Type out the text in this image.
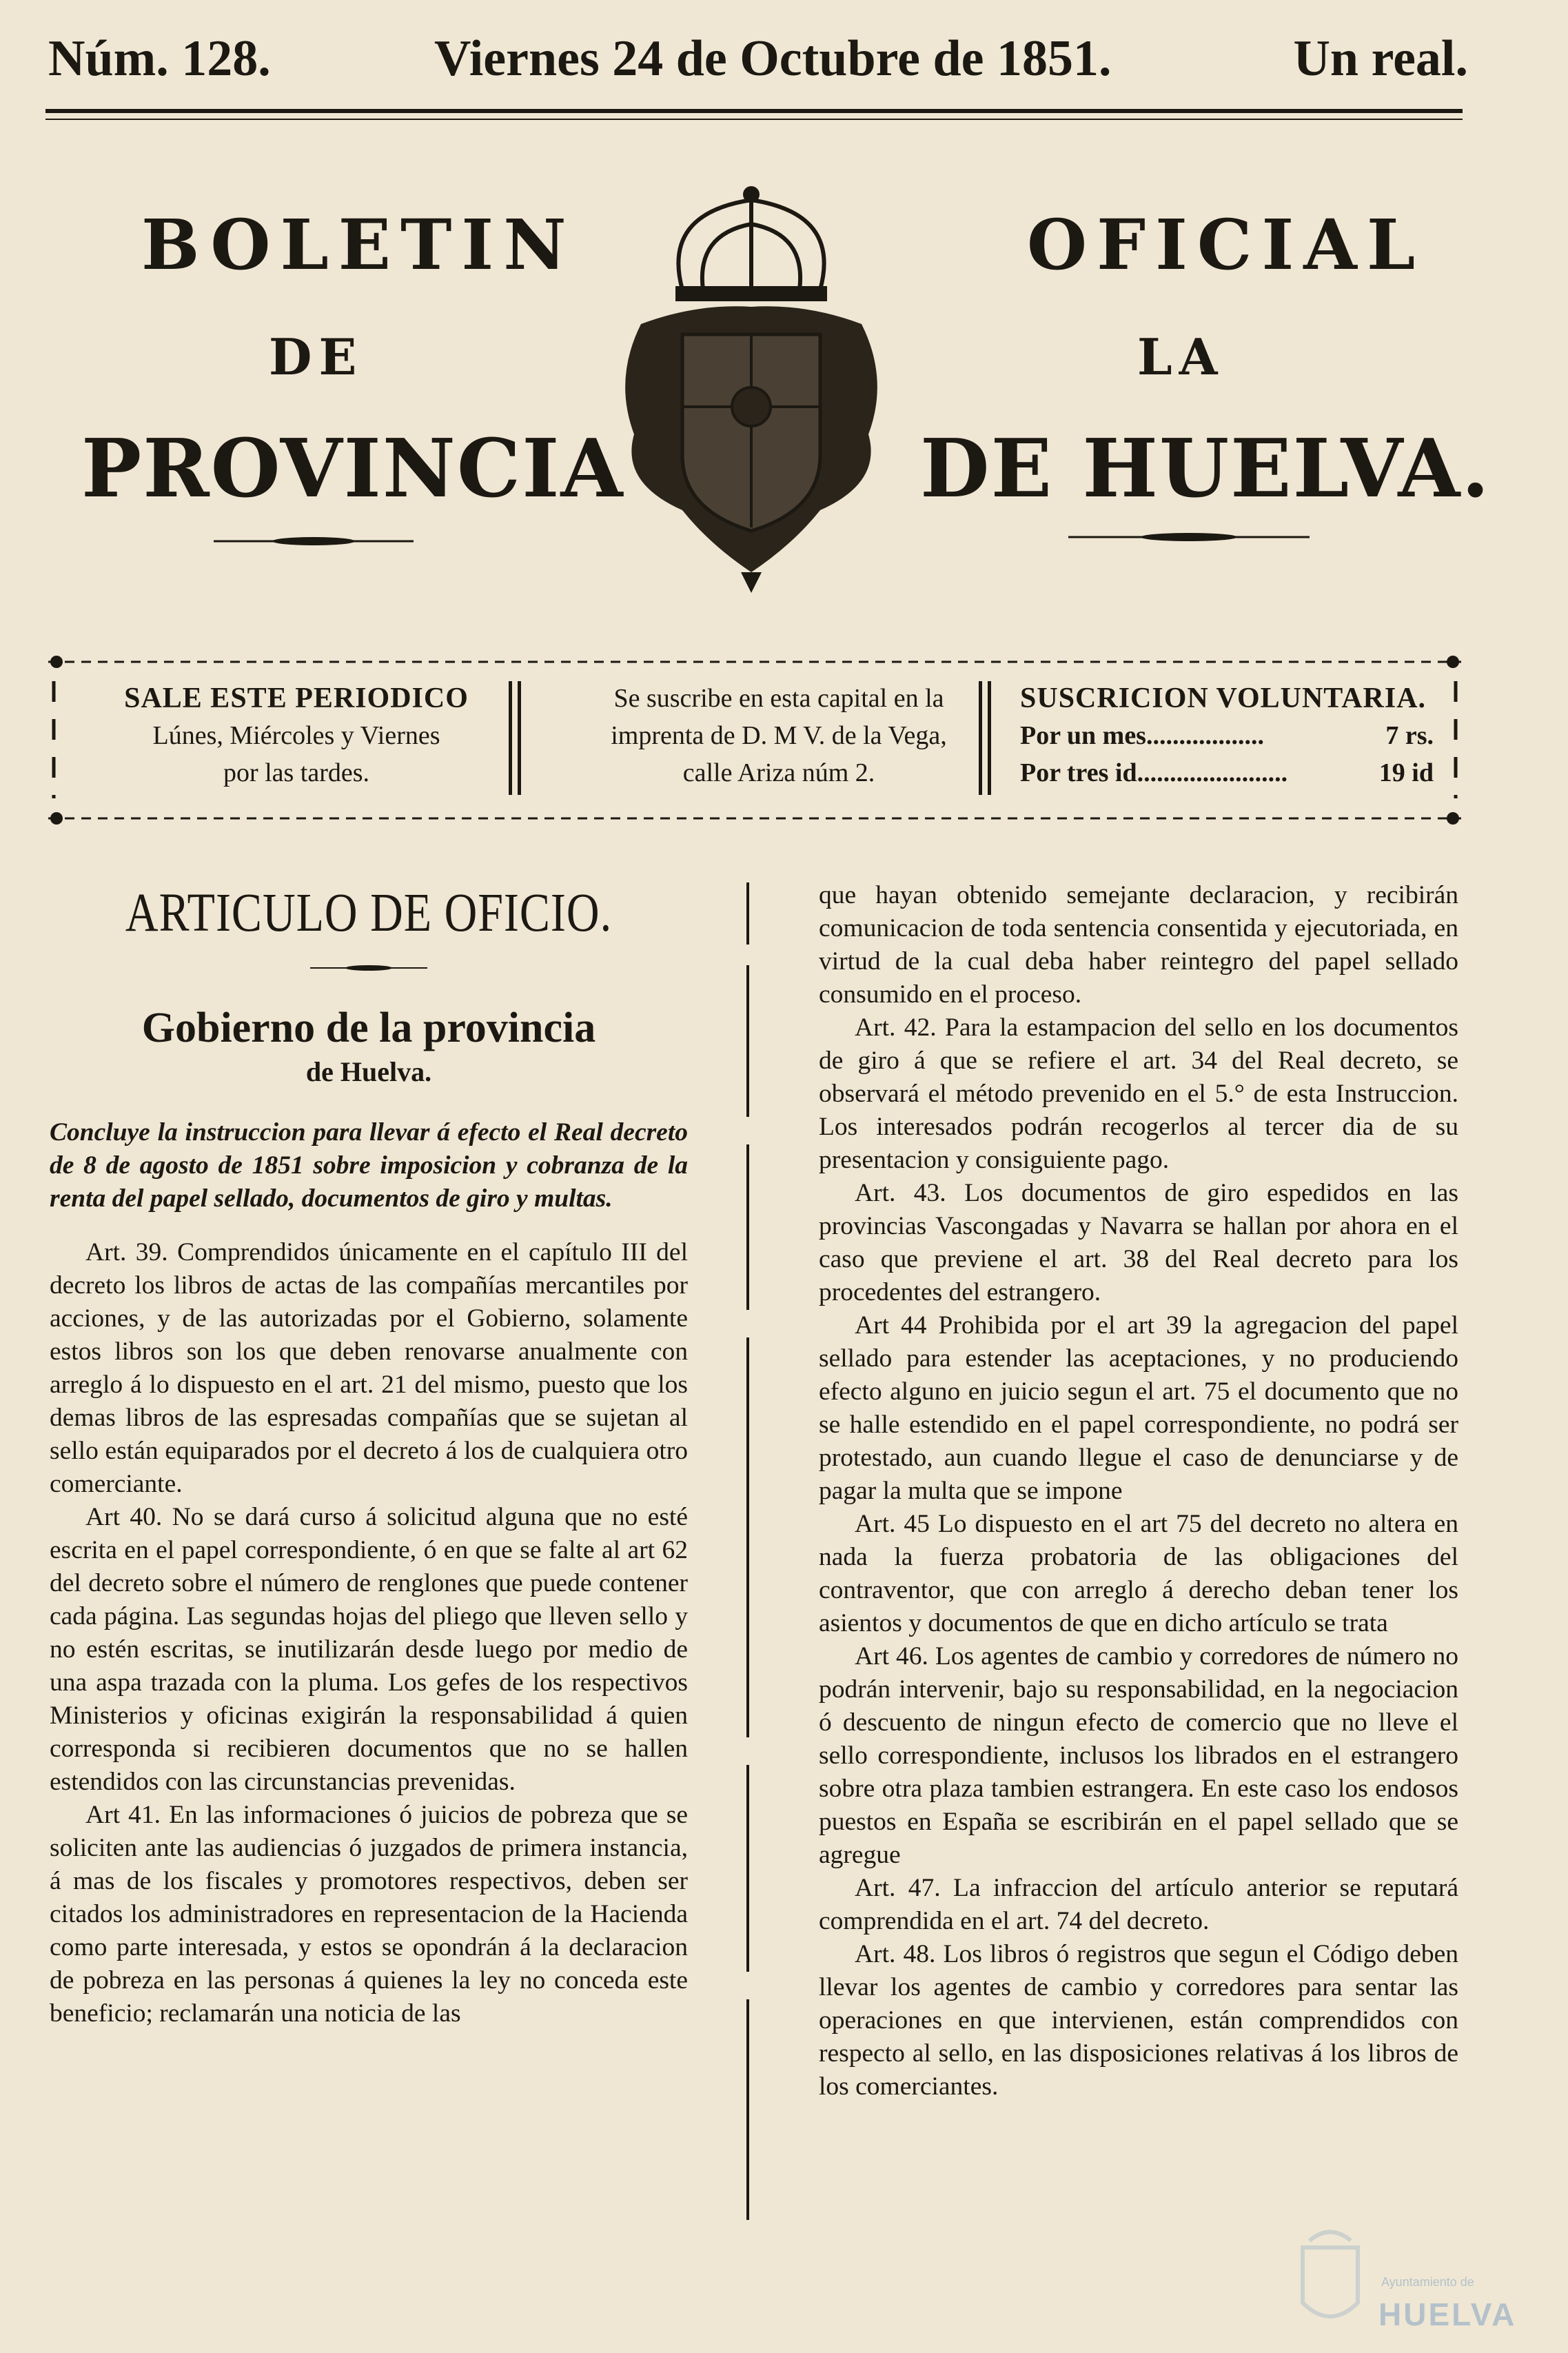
Núm. 128.	Viernes 24 de Octubre de 1851.	Un real.
BOLETIN	OFICIAL
DE	LA
PROVINCIA	DE HUELVA.
SALE ESTE PERIODICO
Lúnes, Miércoles y Viernes
por las tardes.
Se suscribe en esta capital en la
imprenta de D. M V. de la Vega,
calle Ariza núm 2.
SUSCRICION VOLUNTARIA.
Por un mes..................	7 rs.
Por tres id.......................	19 id
ARTICULO DE OFICIO.
Gobierno de la provincia
de Huelva.

Concluye la instruccion para llevar á efecto el Real decreto de 8 de agosto de 1851 sobre imposicion y cobranza de la renta del papel sellado, documentos de giro y multas.

Art. 39. Comprendidos únicamente en el capítulo III del decreto los libros de actas de las compañías mercantiles por acciones, y de las autorizadas por el Gobierno, solamente estos libros son los que deben renovarse anualmente con arreglo á lo dispuesto en el art. 21 del mismo, puesto que los demas libros de las espresadas compañías que se sujetan al sello están equiparados por el decreto á los de cualquiera otro comerciante.

Art 40. No se dará curso á solicitud alguna que no esté escrita en el papel correspondiente, ó en que se falte al art 62 del decreto sobre el número de renglones que puede contener cada página. Las segundas hojas del pliego que lleven sello y no estén escritas, se inutilizarán desde luego por medio de una aspa trazada con la pluma. Los gefes de los respectivos Ministerios y oficinas exigirán la responsabilidad á quien corresponda si recibieren documentos que no se hallen estendidos con las circunstancias prevenidas.

Art 41. En las informaciones ó juicios de pobreza que se soliciten ante las audiencias ó juzgados de primera instancia, á mas de los fiscales y promotores respectivos, deben ser citados los administradores en representacion de la Hacienda como parte interesada, y estos se opondrán á la declaracion de pobreza en las personas á quienes la ley no conceda este beneficio; reclamarán una noticia de las

que hayan obtenido semejante declaracion, y recibirán comunicacion de toda sentencia consentida y ejecutoriada, en virtud de la cual deba haber reintegro del papel sellado consumido en el proceso.

Art. 42. Para la estampacion del sello en los documentos de giro á que se refiere el art. 34 del Real decreto, se observará el método prevenido en el 5.° de esta Instruccion. Los interesados podrán recogerlos al tercer dia de su presentacion y consiguiente pago.

Art. 43. Los documentos de giro espedidos en las provincias Vascongadas y Navarra se hallan por ahora en el caso que previene el art. 38 del Real decreto para los procedentes del estrangero.

Art 44 Prohibida por el art 39 la agregacion del papel sellado para estender las aceptaciones, y no produciendo efecto alguno en juicio segun el art. 75 el documento que no se halle estendido en el papel correspondiente, no podrá ser protestado, aun cuando llegue el caso de denunciarse y de pagar la multa que se impone

Art. 45 Lo dispuesto en el art 75 del decreto no altera en nada la fuerza probatoria de las obligaciones del contraventor, que con arreglo á derecho deban tener los asientos y documentos de que en dicho artículo se trata

Art 46. Los agentes de cambio y corredores de número no podrán intervenir, bajo su responsabilidad, en la negociacion ó descuento de ningun efecto de comercio que no lleve el sello correspondiente, inclusos los librados en el estrangero sobre otra plaza tambien estrangera. En este caso los endosos puestos en España se escribirán en el papel sellado que se agregue

Art. 47. La infraccion del artículo anterior se reputará comprendida en el art. 74 del decreto.

Art. 48. Los libros ó registros que segun el Código deben llevar los agentes de cambio y corredores para sentar las operaciones en que intervienen, están comprendidos con respecto al sello, en las disposiciones relativas á los libros de los comerciantes.

Ayuntamiento de
HUELVA
